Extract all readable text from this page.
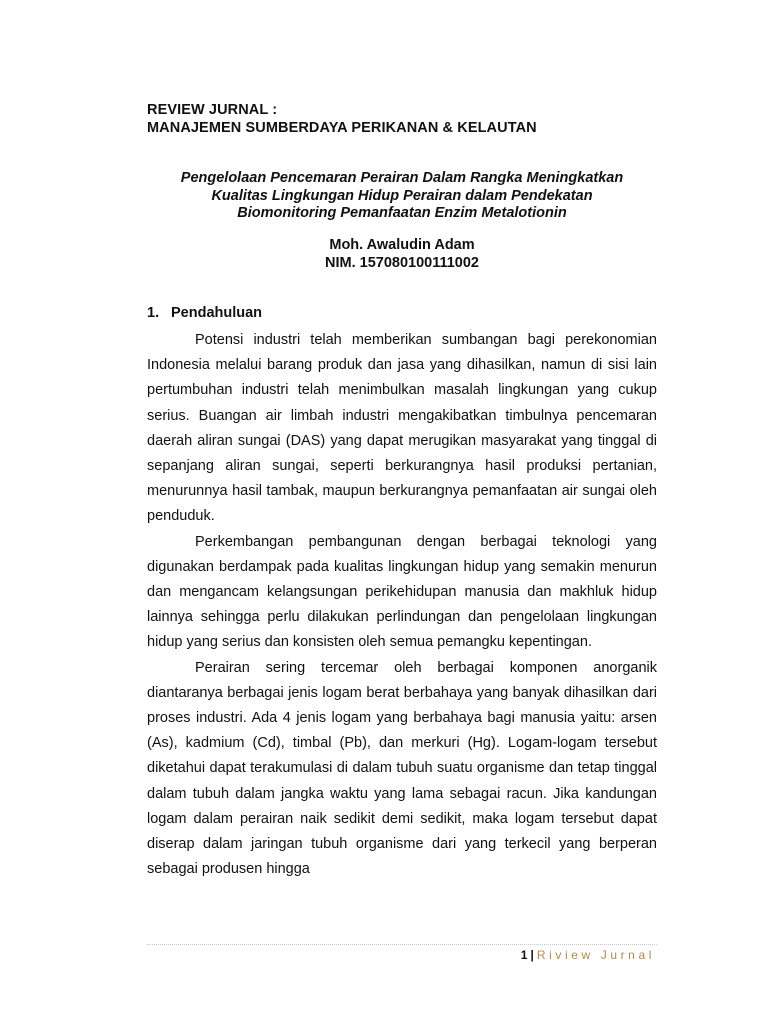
REVIEW JURNAL :
MANAJEMEN SUMBERDAYA PERIKANAN & KELAUTAN
Pengelolaan Pencemaran Perairan Dalam Rangka Meningkatkan
Kualitas Lingkungan Hidup Perairan dalam Pendekatan
Biomonitoring Pemanfaatan Enzim Metalotionin
Moh. Awaludin Adam
NIM. 157080100111002
1. Pendahuluan

Potensi industri telah memberikan sumbangan bagi perekonomian Indonesia melalui barang produk dan jasa yang dihasilkan, namun di sisi lain pertumbuhan industri telah menimbulkan masalah lingkungan yang cukup serius. Buangan air limbah industri mengakibatkan timbulnya pencemaran daerah aliran sungai (DAS) yang dapat merugikan masyarakat yang tinggal di sepanjang aliran sungai, seperti berkurangnya hasil produksi pertanian, menurunnya hasil tambak, maupun berkurangnya pemanfaatan air sungai oleh penduduk.

Perkembangan pembangunan dengan berbagai teknologi yang digunakan berdampak pada kualitas lingkungan hidup yang semakin menurun dan mengancam kelangsungan perikehidupan manusia dan makhluk hidup lainnya sehingga perlu dilakukan perlindungan dan pengelolaan lingkungan hidup yang serius dan konsisten oleh semua pemangku kepentingan.

Perairan sering tercemar oleh berbagai komponen anorganik diantaranya berbagai jenis logam berat berbahaya yang banyak dihasilkan dari proses industri. Ada 4 jenis logam yang berbahaya bagi manusia yaitu: arsen (As), kadmium (Cd), timbal (Pb), dan merkuri (Hg). Logam-logam tersebut diketahui dapat terakumulasi di dalam tubuh suatu organisme dan tetap tinggal dalam tubuh dalam jangka waktu yang lama sebagai racun. Jika kandungan logam dalam perairan naik sedikit demi sedikit, maka logam tersebut dapat diserap dalam jaringan tubuh organisme dari yang terkecil yang berperan sebagai produsen hingga

1 | Riview Jurnal
